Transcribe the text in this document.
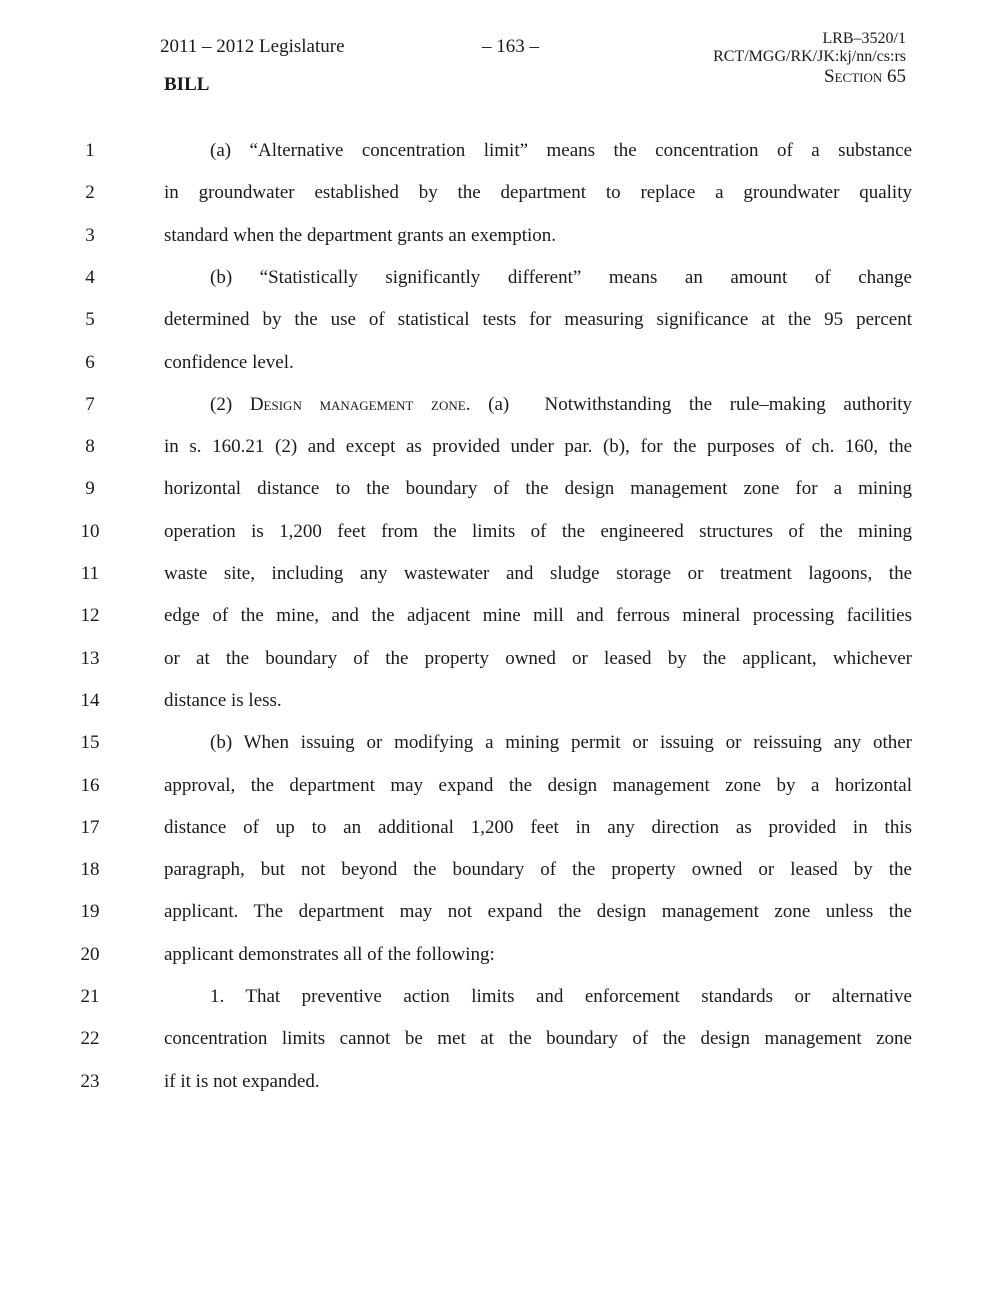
2011 – 2012 Legislature	– 163 –
BILL
LRB–3520/1
RCT/MGG/RK/JK:kj/nn/cs:rs
Section 65
1	(a) “Alternative concentration limit” means the concentration of a substance
2	in groundwater established by the department to replace a groundwater quality
3	standard when the department grants an exemption.
4	(b) “Statistically significantly different” means an amount of change
5	determined by the use of statistical tests for measuring significance at the 95 percent
6	confidence level.
7	(2) Design management zone. (a)  Notwithstanding the rule–making authority
8	in s. 160.21 (2) and except as provided under par. (b), for the purposes of ch. 160, the
9	horizontal distance to the boundary of the design management zone for a mining
10	operation is 1,200 feet from the limits of the engineered structures of the mining
11	waste site, including any wastewater and sludge storage or treatment lagoons, the
12	edge of the mine, and the adjacent mine mill and ferrous mineral processing facilities
13	or at the boundary of the property owned or leased by the applicant, whichever
14	distance is less.
15	(b) When issuing or modifying a mining permit or issuing or reissuing any other
16	approval, the department may expand the design management zone by a horizontal
17	distance of up to an additional 1,200 feet in any direction as provided in this
18	paragraph, but not beyond the boundary of the property owned or leased by the
19	applicant. The department may not expand the design management zone unless the
20	applicant demonstrates all of the following:
21	1. That preventive action limits and enforcement standards or alternative
22	concentration limits cannot be met at the boundary of the design management zone
23	if it is not expanded.
